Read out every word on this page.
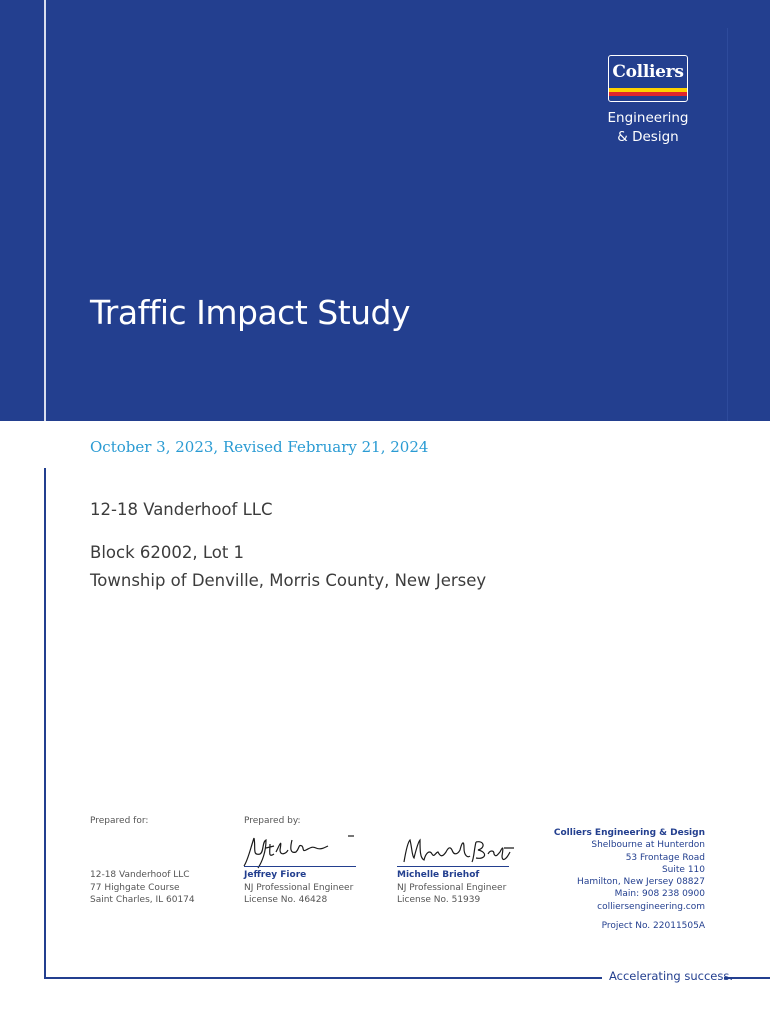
Accelerating success.
Colliers
Engineering
& Design
Traffic Impact Study
October 3, 2023, Revised February 21, 2024
12-18 Vanderhoof LLC
Block 62002, Lot 1
Township of Denville, Morris County, New Jersey
Prepared for:	Prepared by:
12-18 Vanderhoof LLC
77 Highgate Course
Saint Charles, IL 60174
Jeffrey Fiore
NJ Professional Engineer
License No. 46428
Michelle Briehof
NJ Professional Engineer
License No. 51939
Colliers Engineering & Design
Shelbourne at Hunterdon
53 Frontage Road
Suite 110
Hamilton, New Jersey 08827
Main: 908 238 0900
colliersengineering.com
Project No. 22011505A
